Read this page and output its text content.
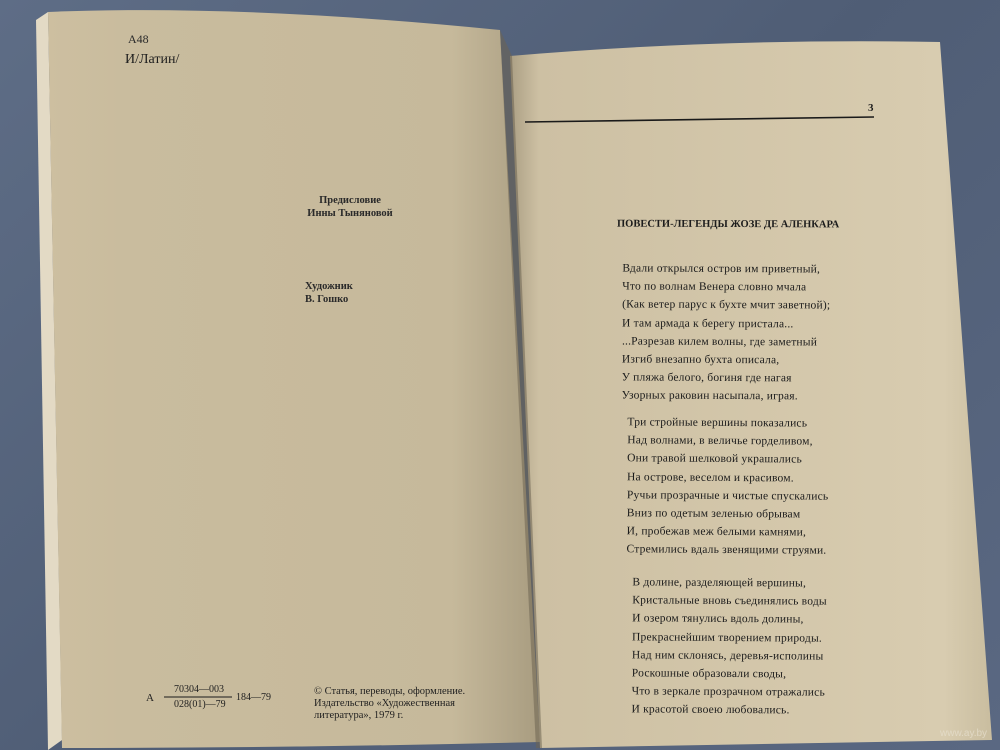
А48
И/Латин/
Предисловие
Инны Тыняновой
Художник
В. Гошко
А
70304—003
028(01)—79
184—79
© Статья, переводы, оформление.
Издательство «Художественная
литература», 1979 г.
3
ПОВЕСТИ-ЛЕГЕНДЫ ЖОЗЕ ДЕ АЛЕНКАРА
Вдали открылся остров им приветный,
Что по волнам Венера словно мчала
(Как ветер парус к бухте мчит заветной);
И там армада к берегу пристала...
...Разрезав килем волны, где заметный
Изгиб внезапно бухта описала,
У пляжа белого, богиня где нагая
Узорных раковин насыпала, играя.
Три стройные вершины показались
Над волнами, в величье горделивом,
Они травой шелковой украшались
На острове, веселом и красивом.
Ручьи прозрачные и чистые спускались
Вниз по одетым зеленью обрывам
И, пробежав меж белыми камнями,
Стремились вдаль звенящими струями.
В долине, разделяющей вершины,
Кристальные вновь съединялись воды
И озером тянулись вдоль долины,
Прекраснейшим творением природы.
Над ним склонясь, деревья-исполины
Роскошные образовали своды,
Что в зеркале прозрачном отражались
И красотой своею любовались.
www.ay.by
